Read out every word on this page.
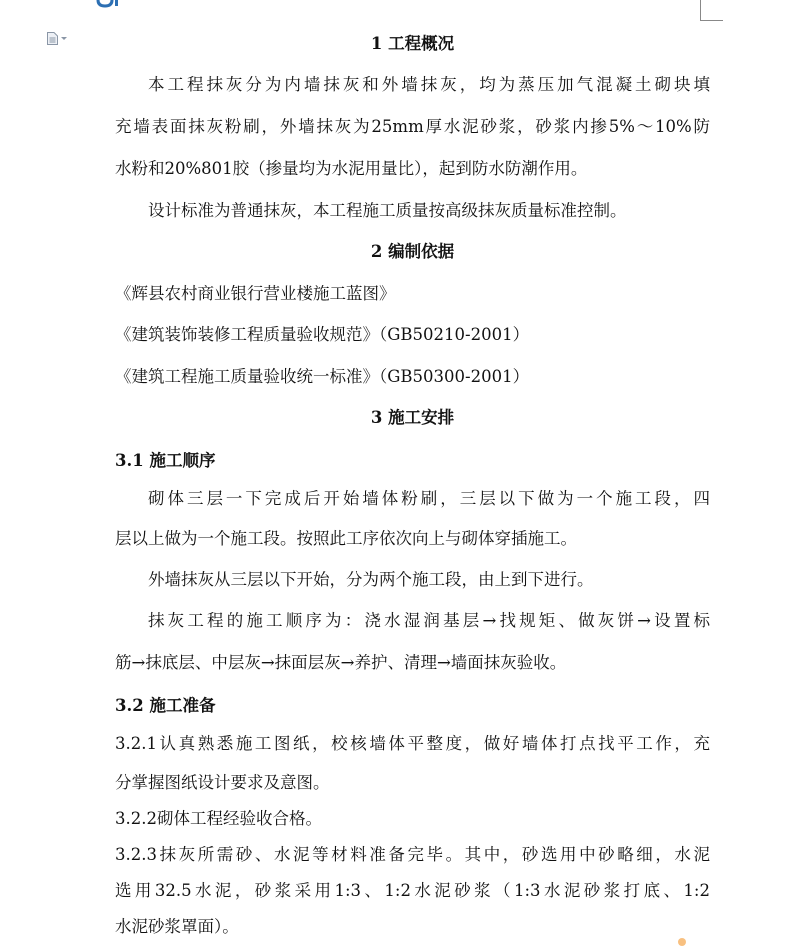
1 工程概况
本工程抹灰分为内墙抹灰和外墙抹灰，均为蒸压加气混凝土砌块填
充墙表面抹灰粉刷，外墙抹灰为25mm厚水泥砂浆，砂浆内掺5%～10%防
水粉和20%801胶（掺量均为水泥用量比），起到防水防潮作用。
设计标准为普通抹灰，本工程施工质量按高级抹灰质量标准控制。
2 编制依据
《辉县农村商业银行营业楼施工蓝图》
《建筑装饰装修工程质量验收规范》（GB50210-2001）
《建筑工程施工质量验收统一标准》（GB50300-2001）
3 施工安排
3.1 施工顺序
砌体三层一下完成后开始墙体粉刷，三层以下做为一个施工段，四
层以上做为一个施工段。按照此工序依次向上与砌体穿插施工。
外墙抹灰从三层以下开始，分为两个施工段，由上到下进行。
抹灰工程的施工顺序为：浇水湿润基层→找规矩、做灰饼→设置标
筋→抹底层、中层灰→抹面层灰→养护、清理→墙面抹灰验收。
3.2 施工准备
3.2.1认真熟悉施工图纸，校核墙体平整度，做好墙体打点找平工作，充
分掌握图纸设计要求及意图。
3.2.2砌体工程经验收合格。
3.2.3抹灰所需砂、水泥等材料准备完毕。其中，砂选用中砂略细，水泥
选用32.5水泥，砂浆采用1:3、1:2水泥砂浆（1:3水泥砂浆打底、1:2
水泥砂浆罩面）。
